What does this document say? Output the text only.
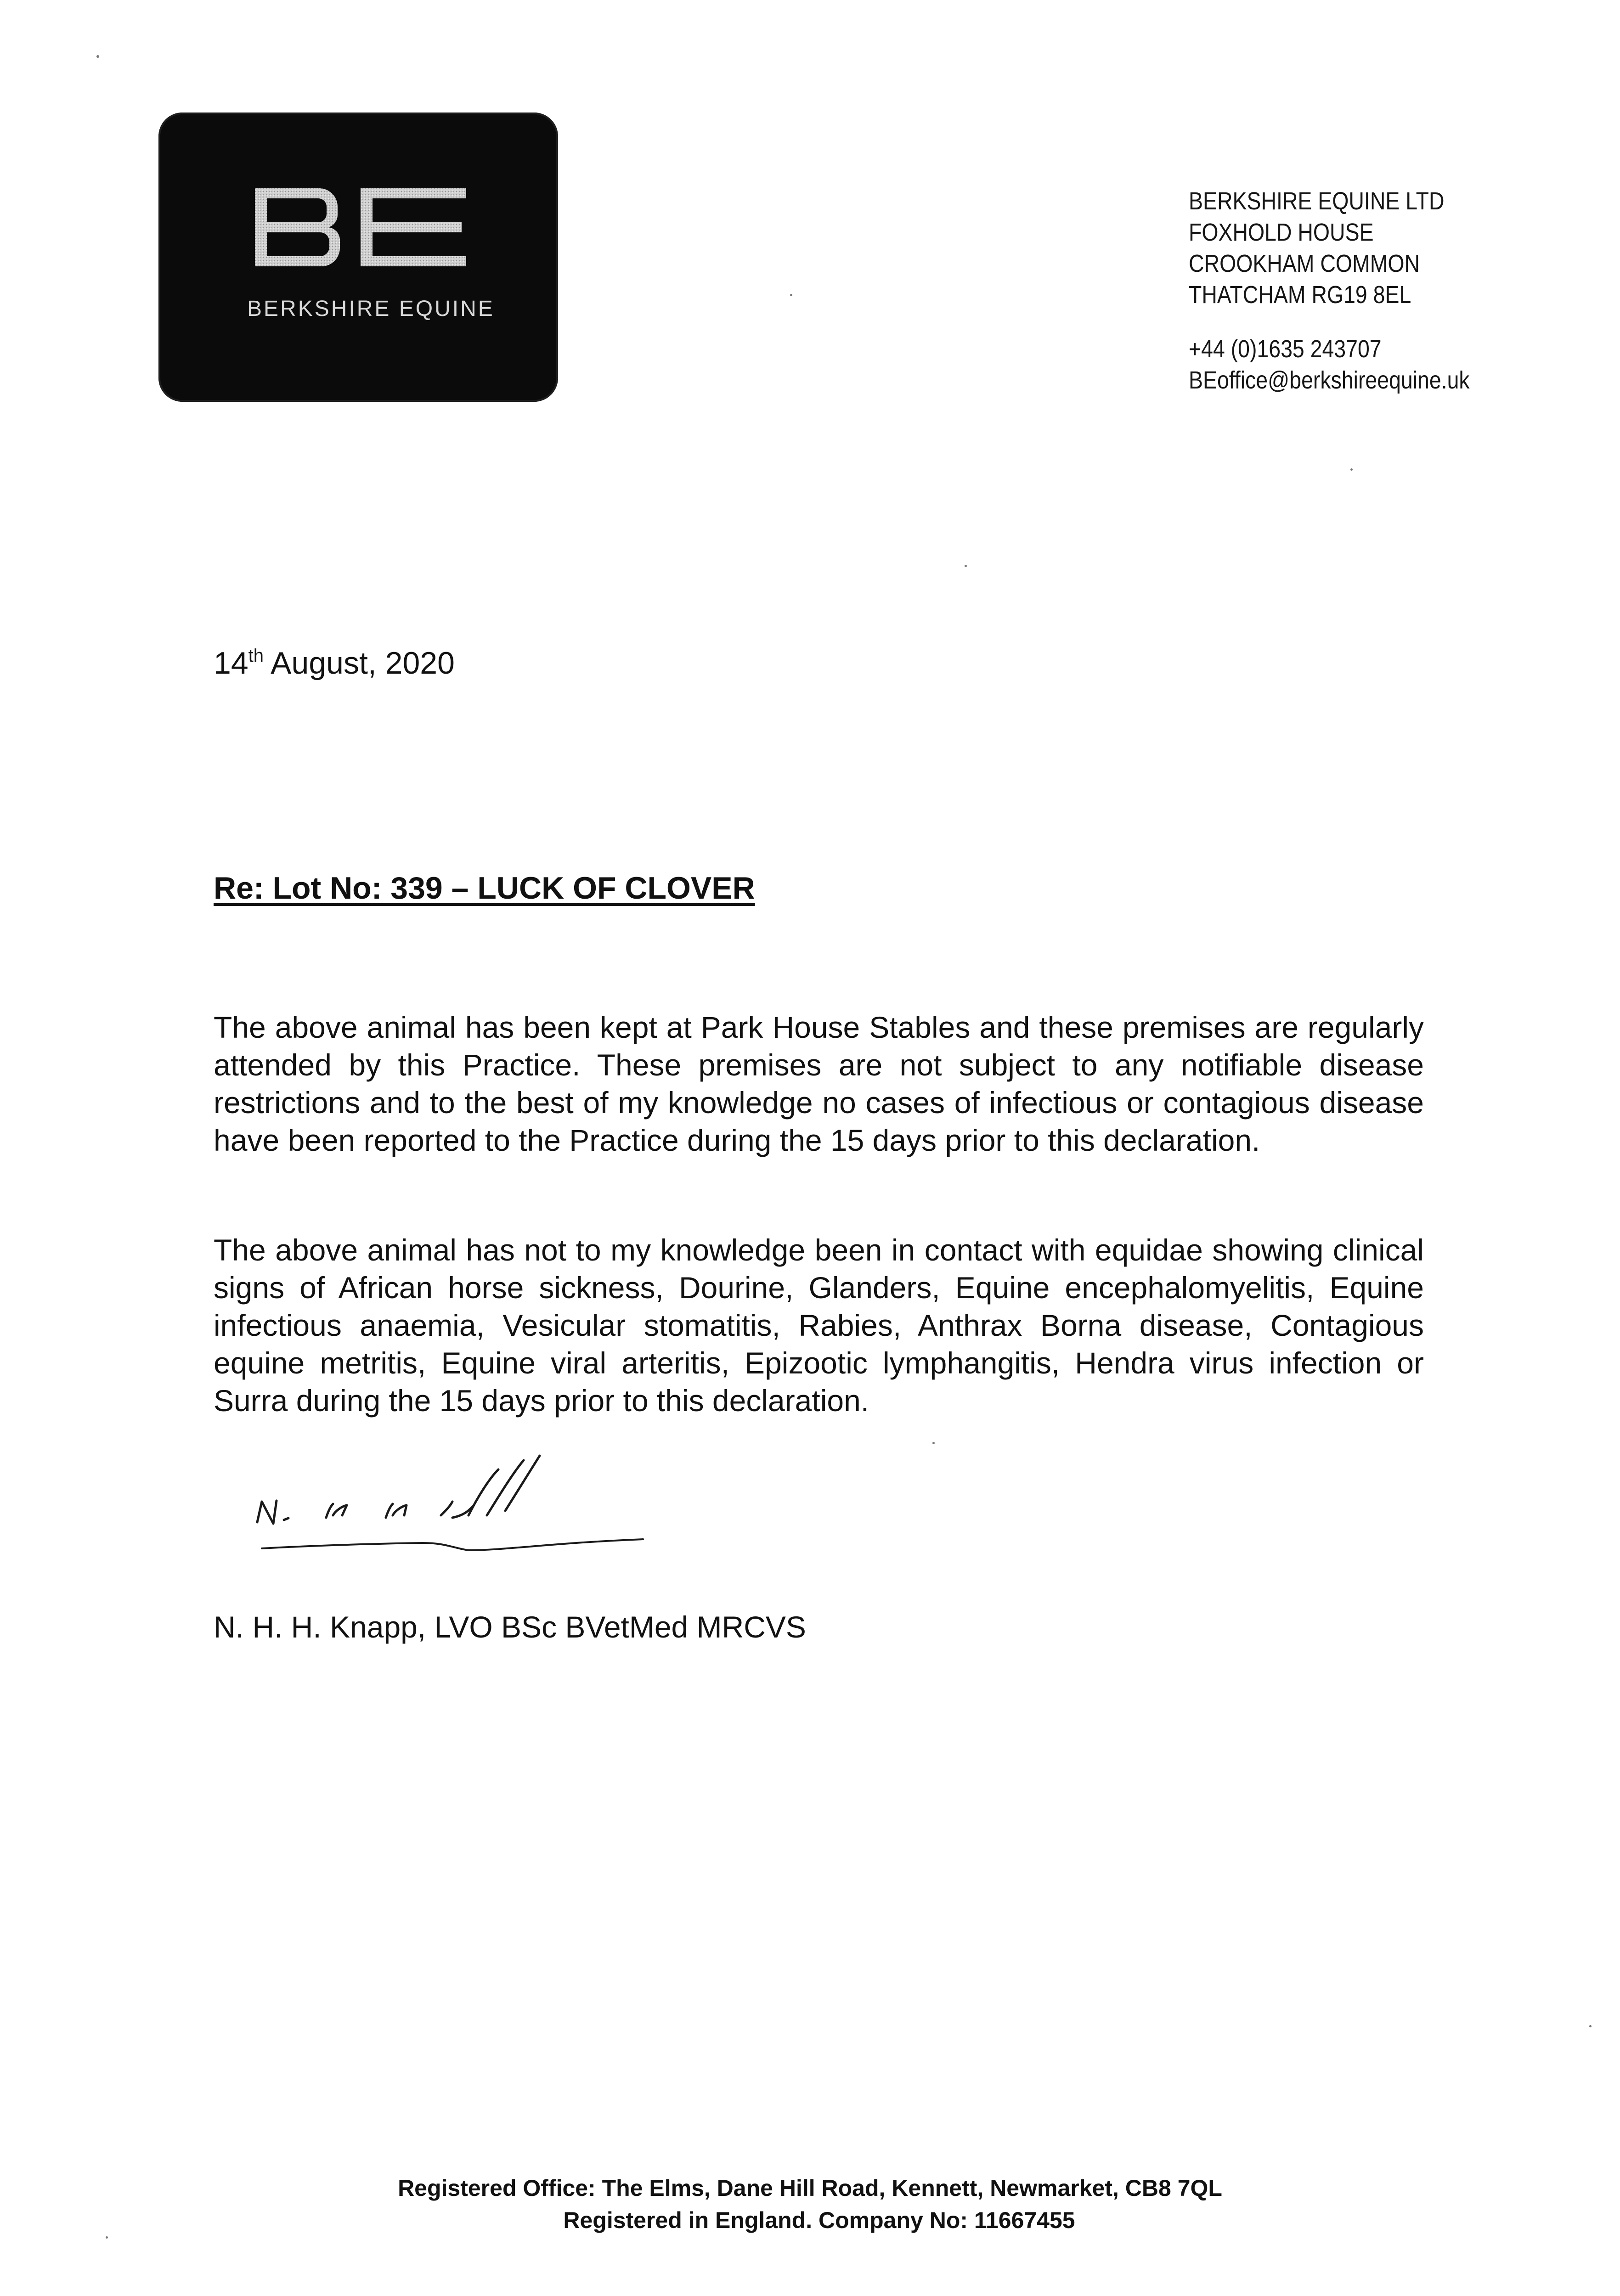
BERKSHIRE EQUINE
BERKSHIRE EQUINE LTD
FOXHOLD HOUSE
CROOKHAM COMMON
THATCHAM RG19 8EL
+44 (0)1635 243707
BEoffice@berkshireequine.uk
14th August, 2020
Re: Lot No: 339 – LUCK OF CLOVER

The above animal has been kept at Park House Stables and these premises are regularly attended by this Practice. These premises are not subject to any notifiable disease restrictions and to the best of my knowledge no cases of infectious or contagious disease have been reported to the Practice during the 15 days prior to this declaration.

The above animal has not to my knowledge been in contact with equidae showing clinical signs of African horse sickness, Dourine, Glanders, Equine encephalomyelitis, Equine infectious anaemia, Vesicular stomatitis, Rabies, Anthrax Borna disease, Contagious equine metritis, Equine viral arteritis, Epizootic lymphangitis, Hendra virus infection or Surra during the 15 days prior to this declaration.

N. H. H. Knapp, LVO BSc BVetMed MRCVS
Registered Office: The Elms, Dane Hill Road, Kennett, Newmarket, CB8 7QL
Registered in England. Company No: 11667455
